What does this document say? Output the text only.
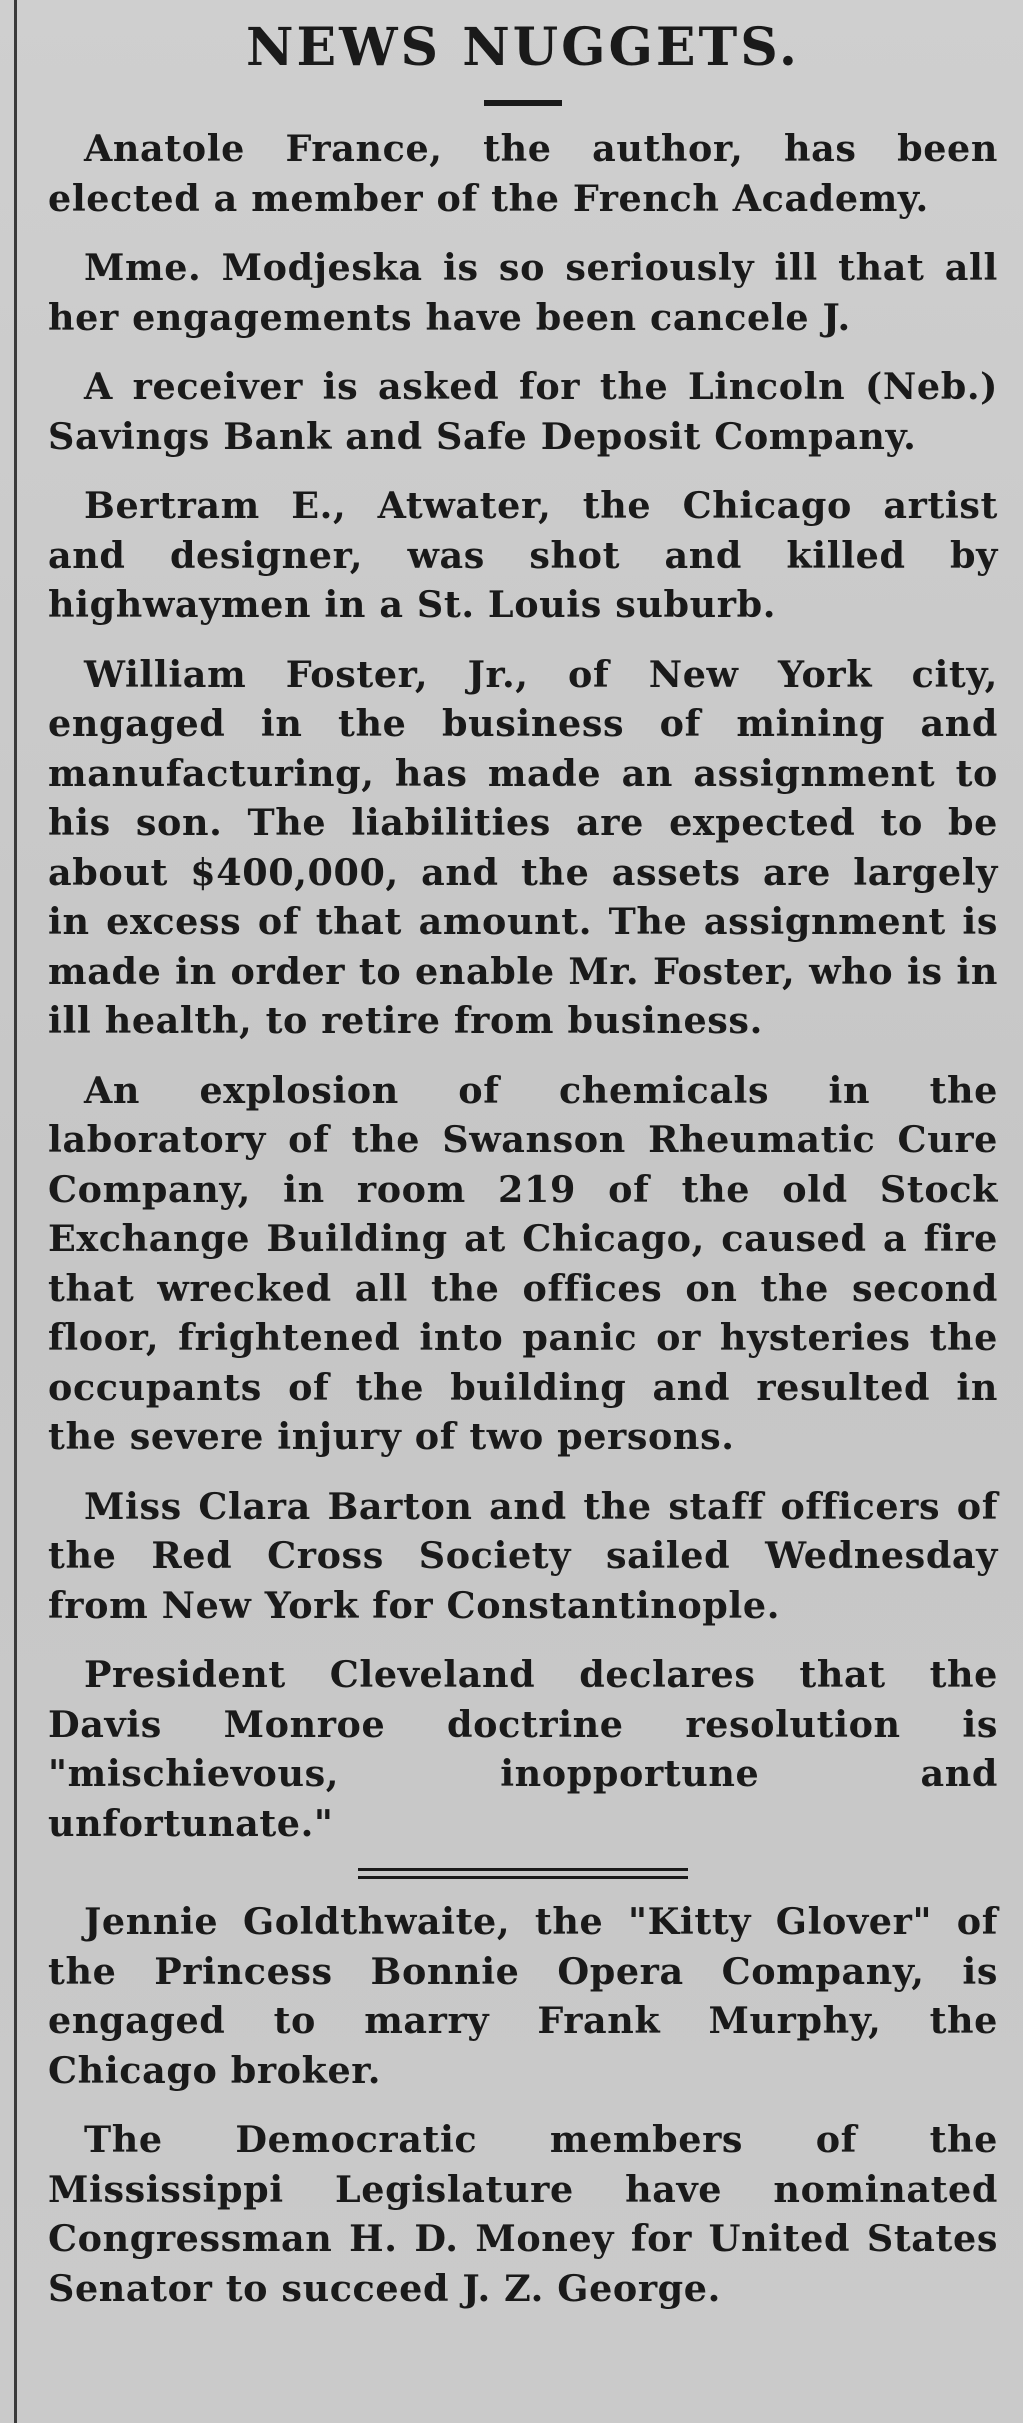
NEWS NUGGETS.

Anatole France, the author, has been elected a member of the French Academy.

Mme. Modjeska is so seriously ill that all her engagements have been cancele J.

A receiver is asked for the Lincoln (Neb.) Savings Bank and Safe Deposit Company.

Bertram E., Atwater, the Chicago artist and designer, was shot and killed by highwaymen in a St. Louis suburb.

William Foster, Jr., of New York city, engaged in the business of mining and manufacturing, has made an assignment to his son. The liabilities are expected to be about $400,000, and the assets are largely in excess of that amount. The assignment is made in order to enable Mr. Foster, who is in ill health, to retire from business.

An explosion of chemicals in the laboratory of the Swanson Rheumatic Cure Company, in room 219 of the old Stock Exchange Building at Chicago, caused a fire that wrecked all the offices on the second floor, frightened into panic or hysteries the occupants of the building and resulted in the severe injury of two persons.

Miss Clara Barton and the staff officers of the Red Cross Society sailed Wednesday from New York for Constantinople.

President Cleveland declares that the Davis Monroe doctrine resolution is "mischievous, inopportune and unfortunate."

Jennie Goldthwaite, the "Kitty Glover" of the Princess Bonnie Opera Company, is engaged to marry Frank Murphy, the Chicago broker.

The Democratic members of the Mississippi Legislature have nominated Congressman H. D. Money for United States Senator to succeed J. Z. George.
